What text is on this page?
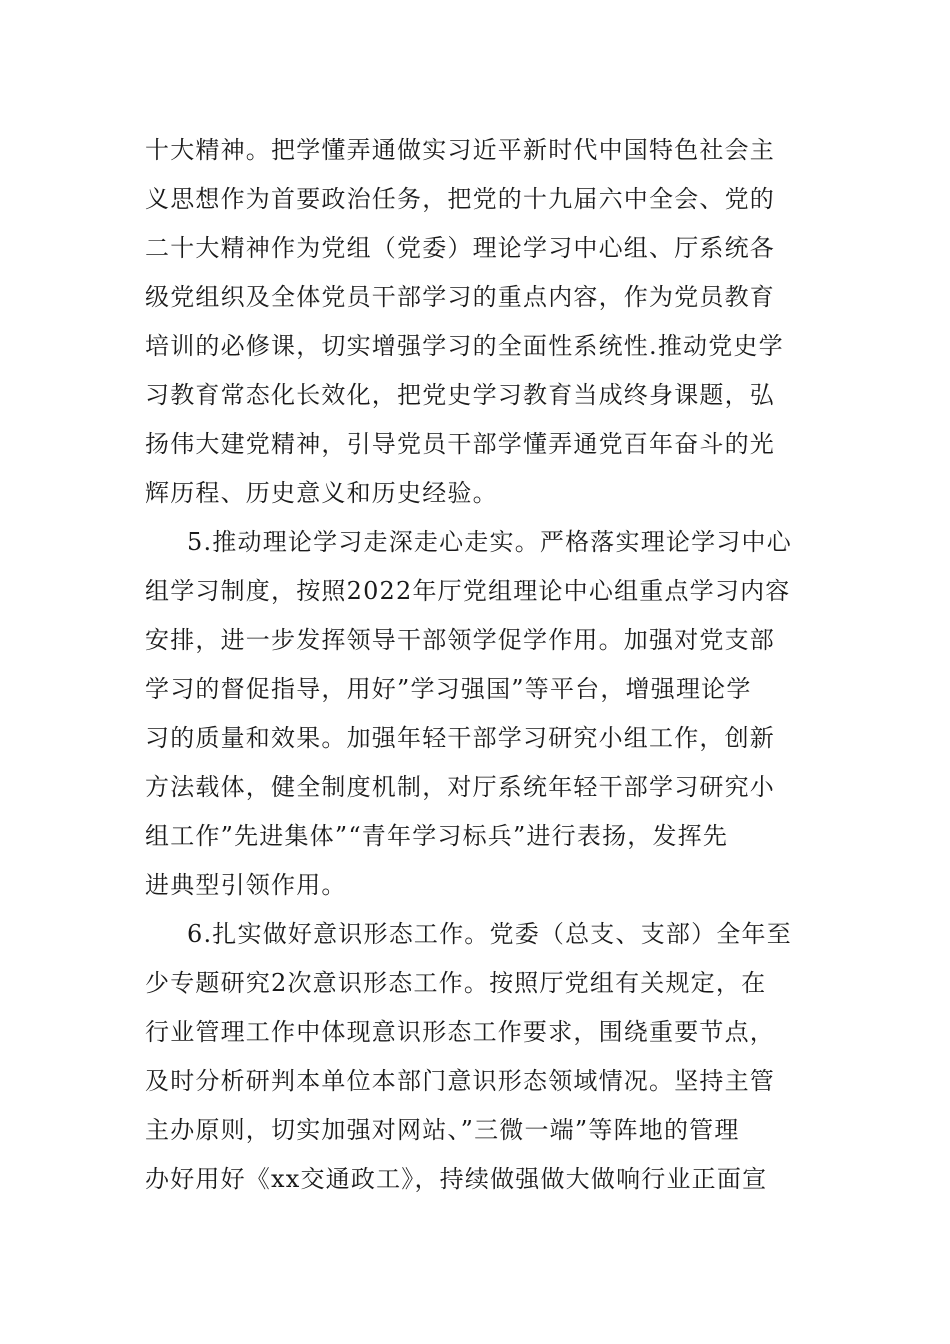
十大精神。把学懂弄通做实习近平新时代中国特色社会主
义思想作为首要政治任务，把党的十九届六中全会、党的
二十大精神作为党组（党委）理论学习中心组、厅系统各
级党组织及全体党员干部学习的重点内容，作为党员教育
培训的必修课，切实增强学习的全面性系统性.推动党史学
习教育常态化长效化，把党史学习教育当成终身课题，弘
扬伟大建党精神，引导党员干部学懂弄通党百年奋斗的光
辉历程、历史意义和历史经验。
5.推动理论学习走深走心走实。严格落实理论学习中心
组学习制度，按照2022年厅党组理论中心组重点学习内容
安排，进一步发挥领导干部领学促学作用。加强对党支部
学习的督促指导，用好”学习强国”等平台，增强理论学
习的质量和效果。加强年轻干部学习研究小组工作，创新
方法载体，健全制度机制，对厅系统年轻干部学习研究小
组工作”先进集体”“青年学习标兵”进行表扬，发挥先
进典型引领作用。
6.扎实做好意识形态工作。党委（总支、支部）全年至
少专题研究2次意识形态工作。按照厅党组有关规定，在
行业管理工作中体现意识形态工作要求，围绕重要节点，
及时分析研判本单位本部门意识形态领域情况。坚持主管
主办原则，切实加强对网站、”三微一端”等阵地的管理
办好用好《xx交通政工》，持续做强做大做响行业正面宣
